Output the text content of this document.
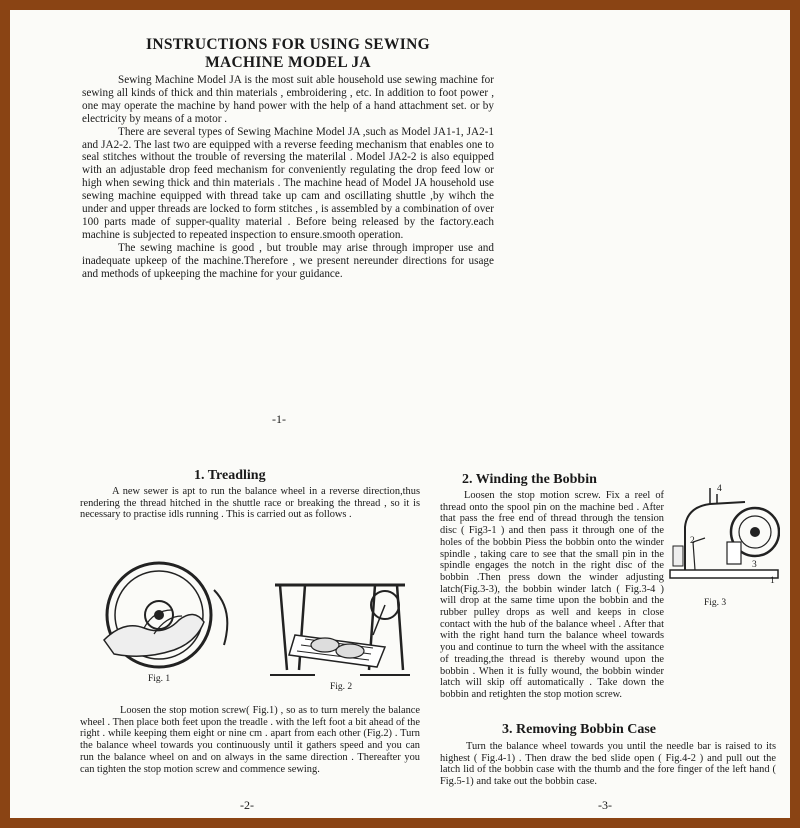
INSTRUCTIONS FOR USING SEWING

MACHINE MODEL JA

Sewing Machine Model JA is the most suit able household use sewing machine for sewing all kinds of thick and thin materials , embroidering , etc. In addition to foot power , one may operate the machine by hand power with the help of a hand attachment set. or by electricity by means of a motor .

There are several types of Sewing Machine Model JA ,such as Model JA1-1, JA2-1 and JA2-2. The last two are equipped with a reverse feeding mechanism that enables one to seal stitches without the trouble of reversing the materilal . Model JA2-2 is also equipped with an adjustable drop feed mechanism for conveniently regulating the drop feed low or high when sewing thick and thin materials . The machine head of Model JA household use sewing machine equipped with thread take up cam and oscillating shuttle ,by wihch the under and upper threads are locked to form stitches , is assembled by a combination of over 100 parts made of supper-quality material . Before being released by the factory.each machine is subjected to repeated inspection to ensure.smooth operation.

The sewing machine is good , but trouble may arise through improper use and inadequate upkeep of the machine.Therefore , we present nereunder directions for usage and methods of upkeeping the machine for your guidance.

-1-

1. Treadling

A new sewer is apt to run the balance wheel in a reverse direction,thus rendering the thread hitched in the shuttle race or breaking the thread , so it is necessary to practise idls running . This is carried out as follows .

Fig. 1
Fig. 2

Loosen the stop motion screw( Fig.1) , so as to turn merely the balance wheel . Then place both feet upon the treadle . with the left foot a bit ahead of the right . while keeping them eight or nine cm . apart from each other (Fig.2) . Turn the balance wheel towards you continuously until it gathers speed and you can run the balance wheel on and on always in the same direction . Thereafter you can tighten the stop motion screw and commence sewing.

-2-

2. Winding the Bobbin

Loosen the stop motion screw. Fix a reel of thread onto the spool pin on the machine bed . After that pass the free end of thread through the tension disc ( Fig3-1 ) and then pass it through one of the holes of the bobbin Piess the bobbin onto the winder spindle , taking care to see that the small pin in the spindle engages the notch in the right disc of the bobbin .Then press down the winder adjusting latch(Fig.3-3), the bobbin winder latch ( Fig.3-4 ) will drop at the same time upon the bobbin and the rubber pulley drops as well and keeps in close contact with the hub of the balance wheel . After that with the right hand turn the balance wheel towards you and continue to turn the wheel with the assitance of treading,the thread is thereby wound upon the bobbin . When it is fully wound, the bobbin winder latch will skip off automatically . Take down the bobbin and retighten the stop motion screw.

4
2
3
1
Fig. 3

3. Removing Bobbin Case

Turn the balance wheel towards you until the needle bar is raised to its highest ( Fig.4-1) . Then draw the bed slide open ( Fig.4-2 ) and pull out the latch lid of the bobbin case with the thumb and the fore finger of the left hand ( Fig.5-1) and take out the bobbin case.

-3-
